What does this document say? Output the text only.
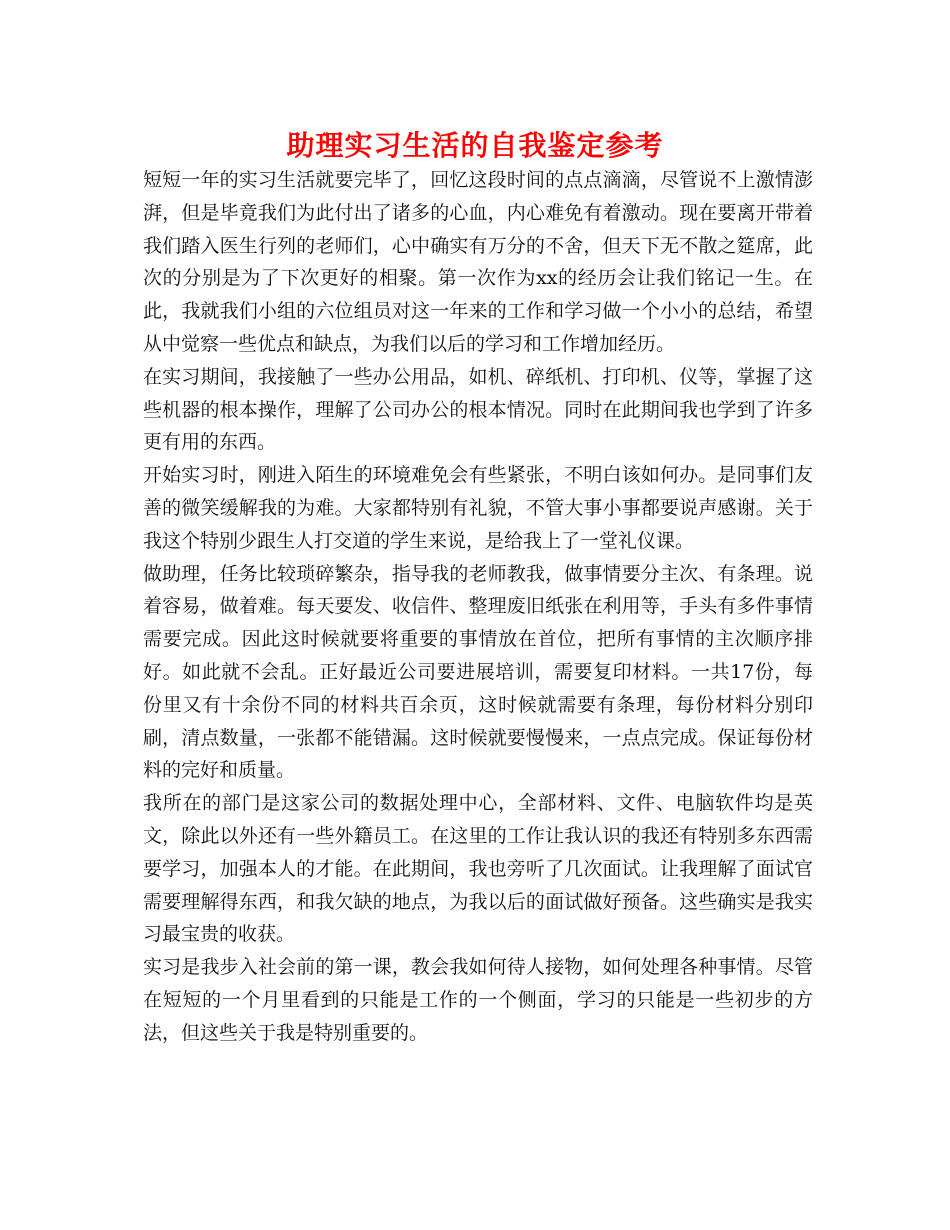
助理实习生活的自我鉴定参考

短短一年的实习生活就要完毕了，回忆这段时间的点点滴滴，尽管说不上激情澎湃，但是毕竟我们为此付出了诸多的心血，内心难免有着激动。现在要离开带着我们踏入医生行列的老师们，心中确实有万分的不舍，但天下无不散之筵席，此次的分别是为了下次更好的相聚。第一次作为xx的经历会让我们铭记一生。在此，我就我们小组的六位组员对这一年来的工作和学习做一个小小的总结，希望从中觉察一些优点和缺点，为我们以后的学习和工作增加经历。

在实习期间，我接触了一些办公用品，如机、碎纸机、打印机、仪等，掌握了这些机器的根本操作，理解了公司办公的根本情况。同时在此期间我也学到了许多更有用的东西。

开始实习时，刚进入陌生的环境难免会有些紧张，不明白该如何办。是同事们友善的微笑缓解我的为难。大家都特别有礼貌，不管大事小事都要说声感谢。关于我这个特别少跟生人打交道的学生来说，是给我上了一堂礼仪课。

做助理，任务比较琐碎繁杂，指导我的老师教我，做事情要分主次、有条理。说着容易，做着难。每天要发、收信件、整理废旧纸张在利用等，手头有多件事情需要完成。因此这时候就要将重要的事情放在首位，把所有事情的主次顺序排好。如此就不会乱。正好最近公司要进展培训，需要复印材料。一共17份，每份里又有十余份不同的材料共百余页，这时候就需要有条理，每份材料分别印刷，清点数量，一张都不能错漏。这时候就要慢慢来，一点点完成。保证每份材料的完好和质量。

我所在的部门是这家公司的数据处理中心，全部材料、文件、电脑软件均是英文，除此以外还有一些外籍员工。在这里的工作让我认识的我还有特别多东西需要学习，加强本人的才能。在此期间，我也旁听了几次面试。让我理解了面试官需要理解得东西，和我欠缺的地点，为我以后的面试做好预备。这些确实是我实习最宝贵的收获。

实习是我步入社会前的第一课，教会我如何待人接物，如何处理各种事情。尽管在短短的一个月里看到的只能是工作的一个侧面，学习的只能是一些初步的方法，但这些关于我是特别重要的。
